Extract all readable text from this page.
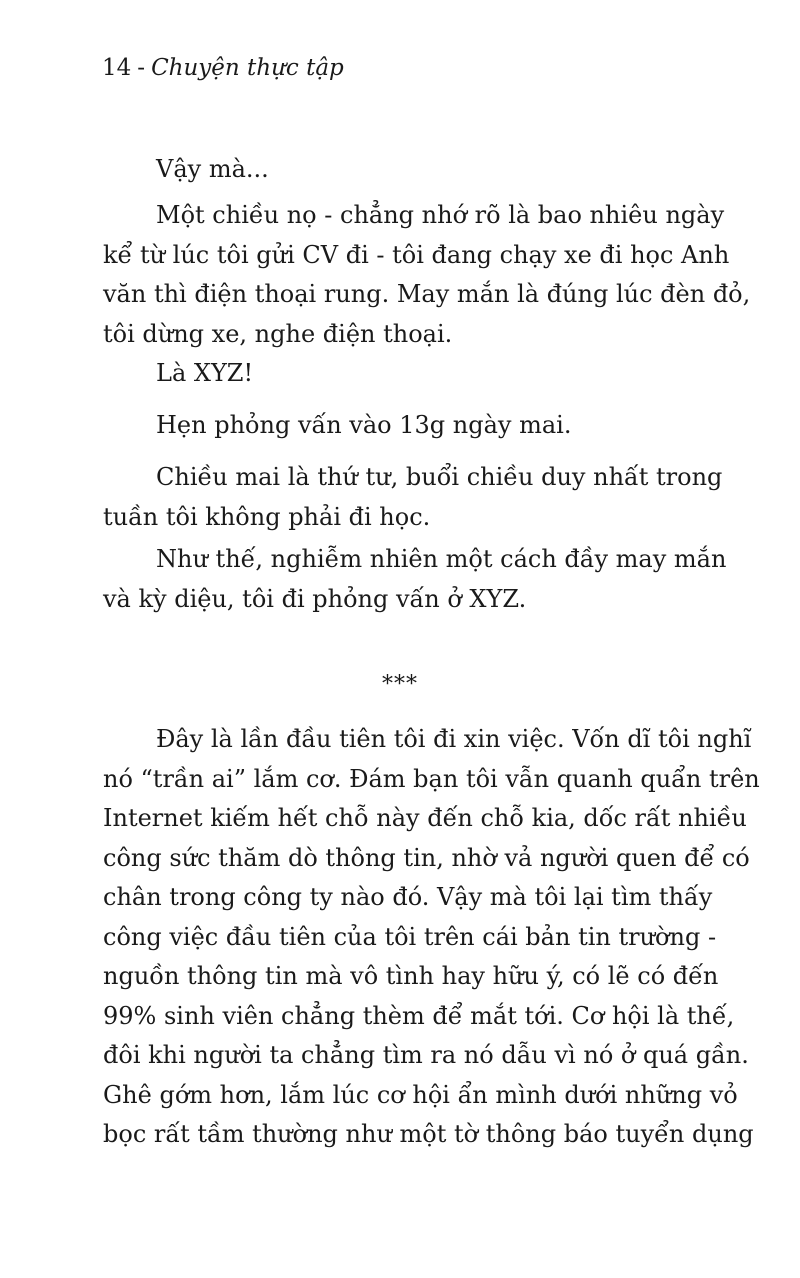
14 - Chuyện thực tập

Vậy mà...

Một chiều nọ - chẳng nhớ rõ là bao nhiêu ngày
kể từ lúc tôi gửi CV đi - tôi đang chạy xe đi học Anh
văn thì điện thoại rung. May mắn là đúng lúc đèn đỏ,
tôi dừng xe, nghe điện thoại.

Là XYZ!

Hẹn phỏng vấn vào 13g ngày mai.

Chiều mai là thứ tư, buổi chiều duy nhất trong
tuần tôi không phải đi học.

Như thế, nghiễm nhiên một cách đầy may mắn
và kỳ diệu, tôi đi phỏng vấn ở XYZ.

***

Đây là lần đầu tiên tôi đi xin việc. Vốn dĩ tôi nghĩ
nó “trần ai” lắm cơ. Đám bạn tôi vẫn quanh quẩn trên
Internet kiếm hết chỗ này đến chỗ kia, dốc rất nhiều
công sức thăm dò thông tin, nhờ vả người quen để có
chân trong công ty nào đó. Vậy mà tôi lại tìm thấy
công việc đầu tiên của tôi trên cái bản tin trường -
nguồn thông tin mà vô tình hay hữu ý, có lẽ có đến
99% sinh viên chẳng thèm để mắt tới. Cơ hội là thế,
đôi khi người ta chẳng tìm ra nó dẫu vì nó ở quá gần.
Ghê gớm hơn, lắm lúc cơ hội ẩn mình dưới những vỏ
bọc rất tầm thường như một tờ thông báo tuyển dụng
